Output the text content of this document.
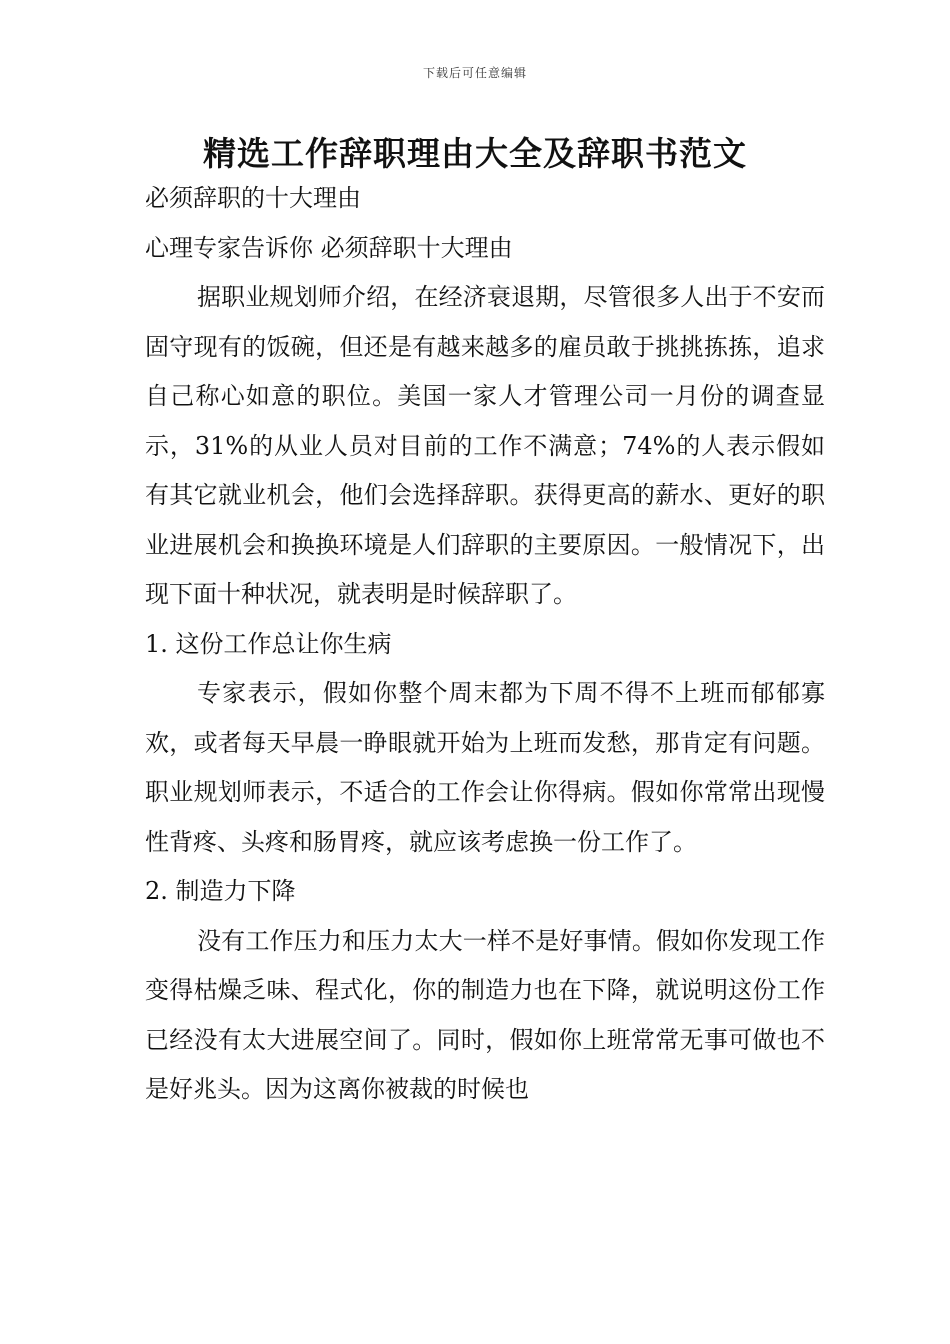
下载后可任意编辑
精选工作辞职理由大全及辞职书范文

必须辞职的十大理由

心理专家告诉你 必须辞职十大理由

据职业规划师介绍，在经济衰退期，尽管很多人出于不安而固守现有的饭碗，但还是有越来越多的雇员敢于挑挑拣拣，追求自己称心如意的职位。美国一家人才管理公司一月份的调查显示，31%的从业人员对目前的工作不满意；74%的人表示假如有其它就业机会，他们会选择辞职。获得更高的薪水、更好的职业进展机会和换换环境是人们辞职的主要原因。一般情况下，出现下面十种状况，就表明是时候辞职了。

1. 这份工作总让你生病

专家表示，假如你整个周末都为下周不得不上班而郁郁寡欢，或者每天早晨一睁眼就开始为上班而发愁，那肯定有问题。职业规划师表示，不适合的工作会让你得病。假如你常常出现慢性背疼、头疼和肠胃疼，就应该考虑换一份工作了。

2. 制造力下降

没有工作压力和压力太大一样不是好事情。假如你发现工作变得枯燥乏味、程式化，你的制造力也在下降，就说明这份工作已经没有太大进展空间了。同时，假如你上班常常无事可做也不是好兆头。因为这离你被裁的时候也
